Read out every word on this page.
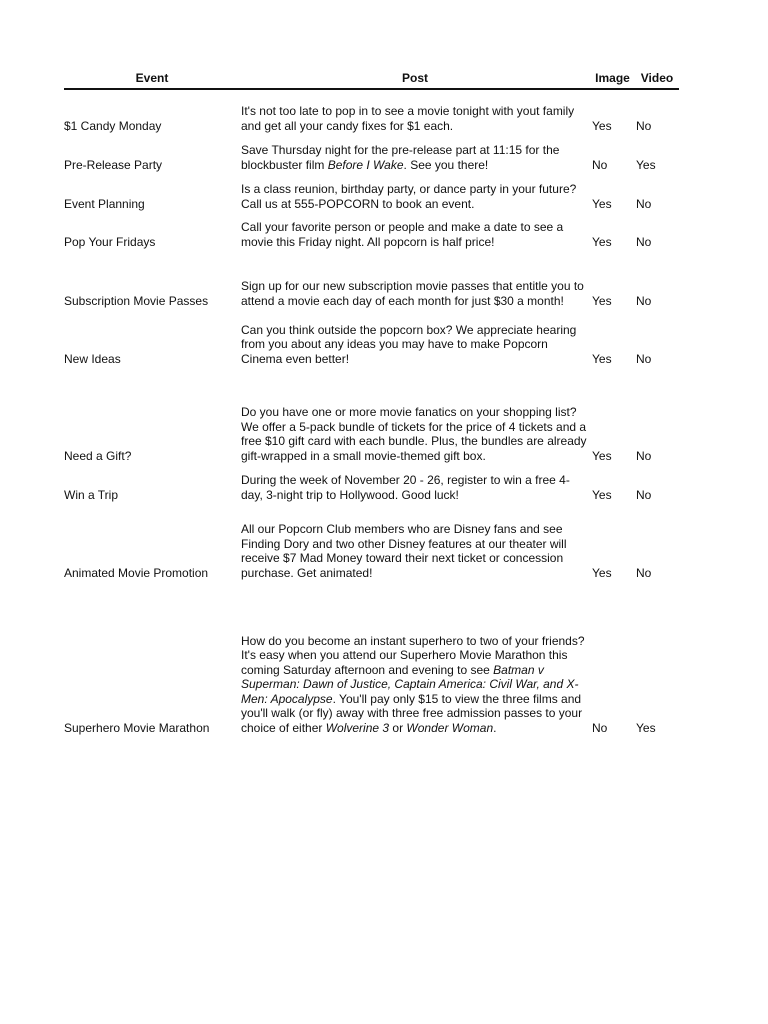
Event	Post	Image Video
$1 Candy Monday
It's not too late to pop in to see a movie tonight with yout family and get all your candy fixes for $1 each.	Yes	No
Pre-Release Party
Save Thursday night for the pre-release part at 11:15 for the blockbuster film Before I Wake. See you there!	No	Yes
Event Planning
Is a class reunion, birthday party, or dance party in your future? Call us at 555-POPCORN to book an event.	Yes	No
Pop Your Fridays
Call your favorite person or people and make a date to see a movie this Friday night. All popcorn is half price!	Yes	No
Subscription Movie Passes
Sign up for our new subscription movie passes that entitle you to attend a movie each day of each month for just $30 a month!	Yes	No
New Ideas
Can you think outside the popcorn box? We appreciate hearing from you about any ideas you may have to make Popcorn Cinema even better!	Yes	No
Need a Gift?
Do you have one or more movie fanatics on your shopping list? We offer a 5-pack bundle of tickets for the price of 4 tickets and a free $10 gift card with each bundle. Plus, the bundles are already gift-wrapped in a small movie-themed gift box.	Yes	No
Win a Trip
During the week of November 20 - 26, register to win a free 4-day, 3-night trip to Hollywood. Good luck!	Yes	No
Animated Movie Promotion
All our Popcorn Club members who are Disney fans and see Finding Dory and two other Disney features at our theater will receive $7 Mad Money toward their next ticket or concession purchase. Get animated!	Yes	No
Superhero Movie Marathon
How do you become an instant superhero to two of your friends? It's easy when you attend our Superhero Movie Marathon this coming Saturday afternoon and evening to see Batman v Superman: Dawn of Justice, Captain America: Civil War, and X-Men: Apocalypse. You'll pay only $15 to view the three films and you'll walk (or fly) away with three free admission passes to your choice of either Wolverine 3 or Wonder Woman.	No	Yes
